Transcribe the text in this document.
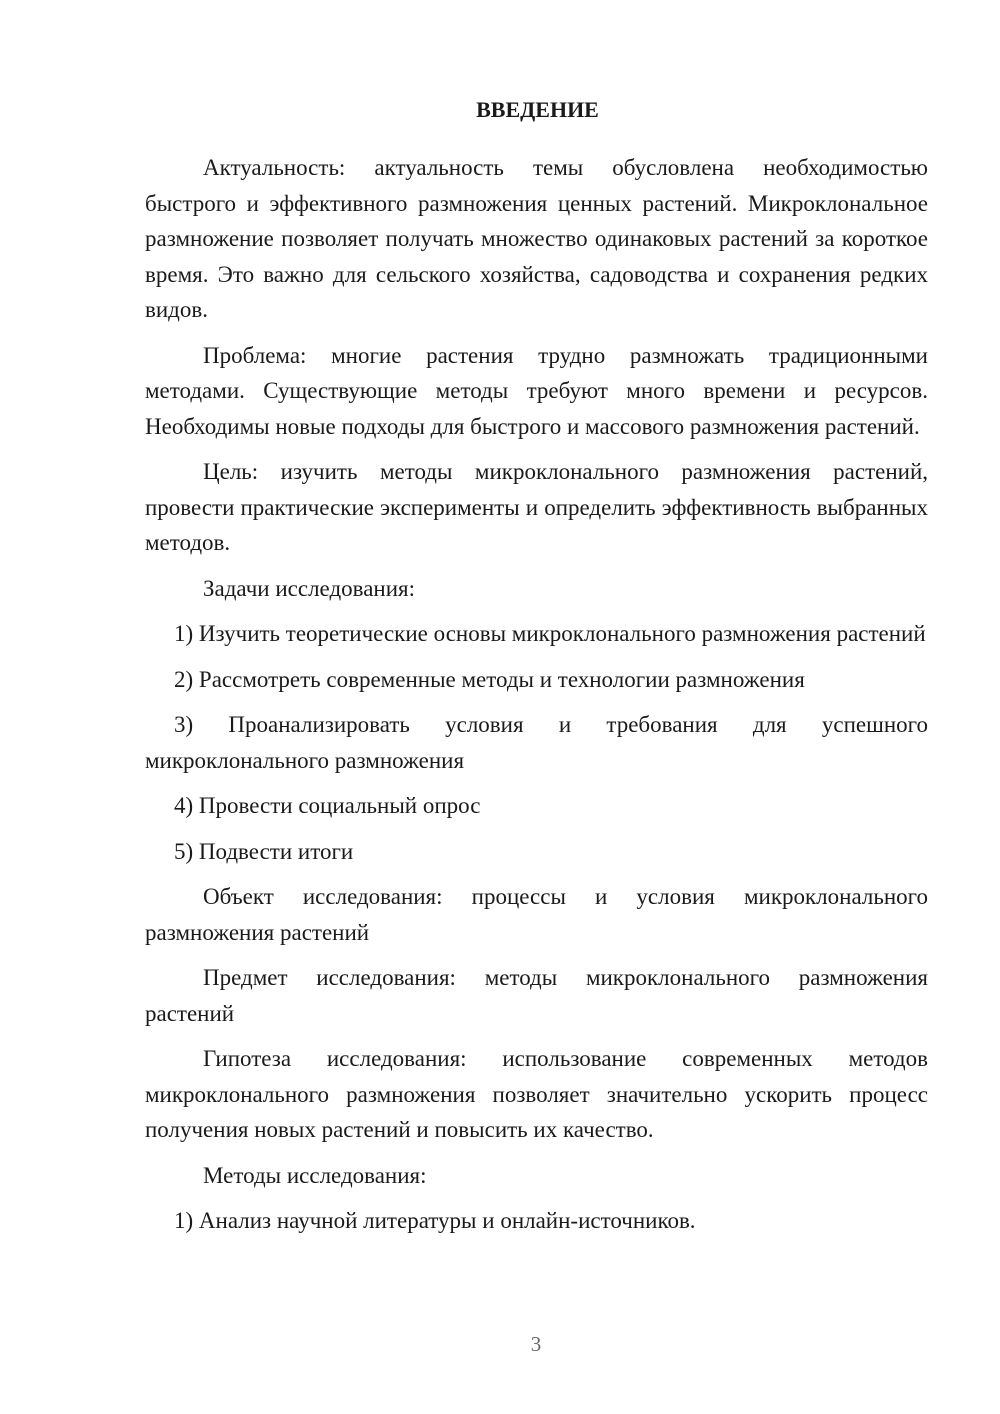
ВВЕДЕНИЕ

Актуальность: актуальность темы обусловлена необходимостью быстрого и эффективного размножения ценных растений. Микроклональное размножение позволяет получать множество одинаковых растений за короткое время. Это важно для сельского хозяйства, садоводства и сохранения редких видов.

Проблема: многие растения трудно размножать традиционными методами. Существующие методы требуют много времени и ресурсов. Необходимы новые подходы для быстрого и массового размножения растений.

Цель: изучить методы микроклонального размножения растений, провести практические эксперименты и определить эффективность выбранных методов.

Задачи исследования:

1) Изучить теоретические основы микроклонального размножения растений

2) Рассмотреть современные методы и технологии размножения

3) Проанализировать условия и требования для успешного микроклонального размножения

4) Провести социальный опрос

5) Подвести итоги

Объект исследования: процессы и условия микроклонального размножения растений

Предмет исследования: методы микроклонального размножения растений

Гипотеза исследования: использование современных методов микроклонального размножения позволяет значительно ускорить процесс получения новых растений и повысить их качество.

Методы исследования:

1) Анализ научной литературы и онлайн-источников.

3
